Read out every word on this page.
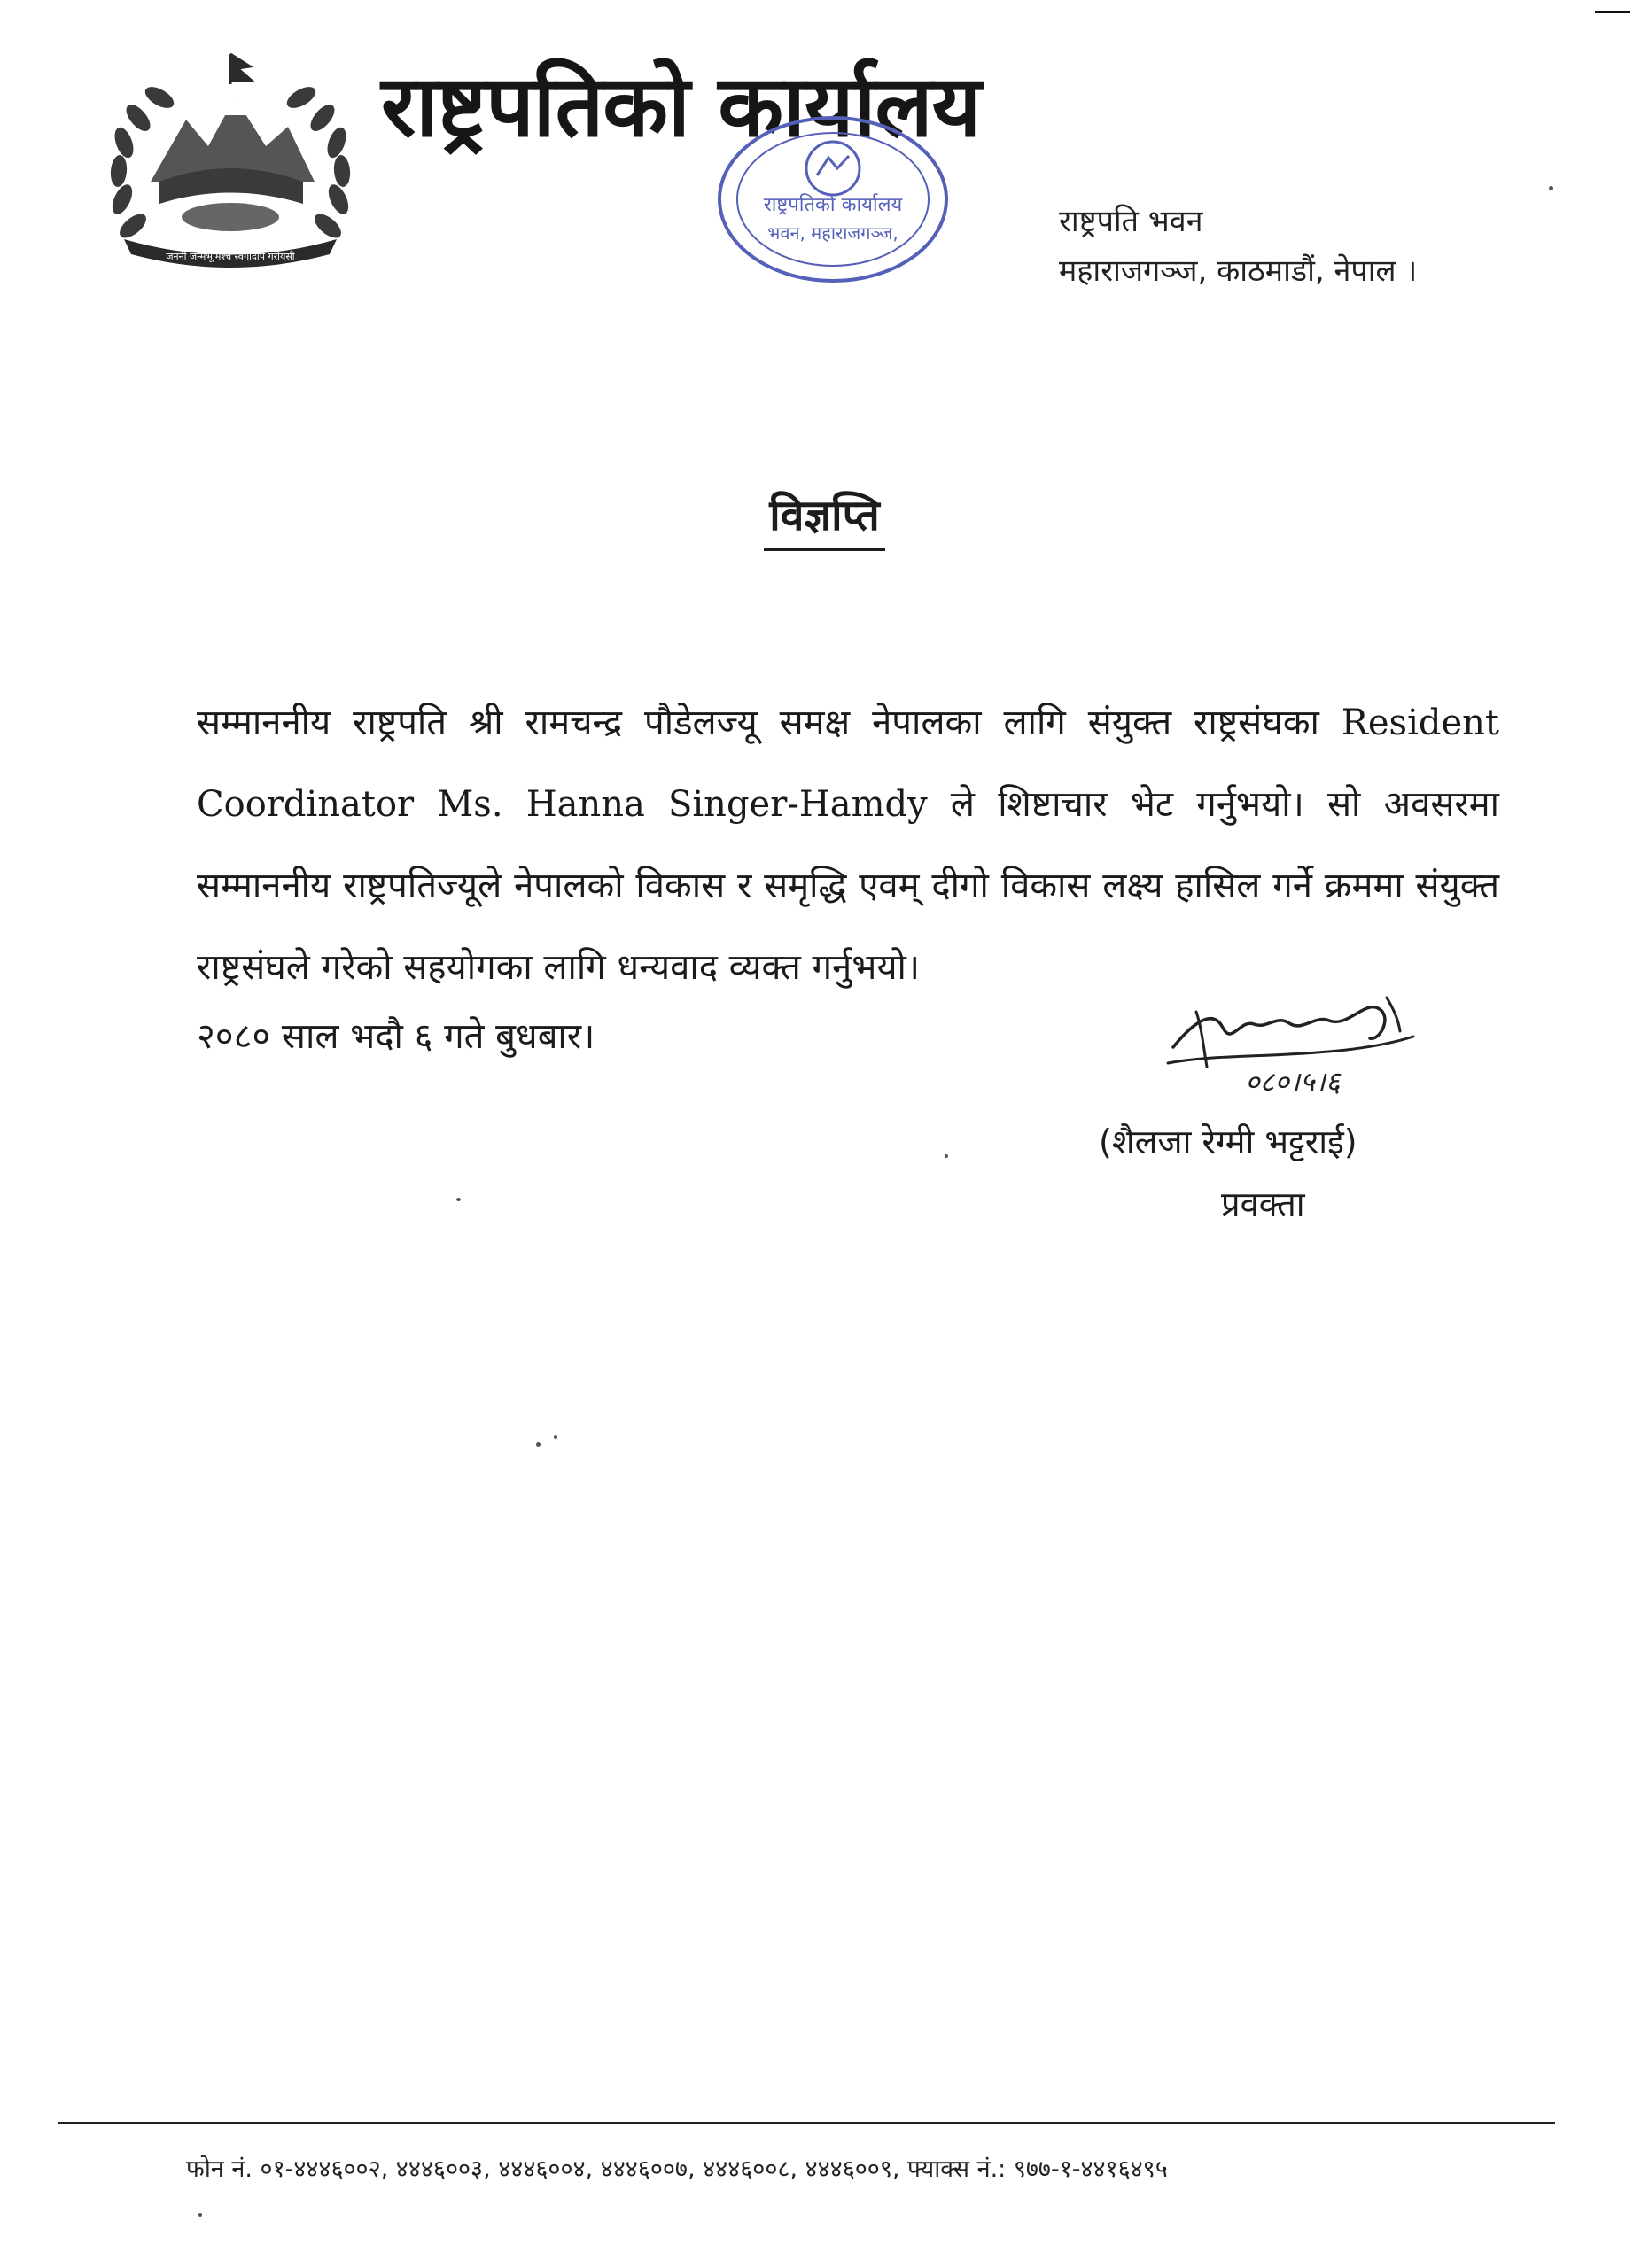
जननी जन्मभूमिश्च स्वर्गादपि गरीयसी
राष्ट्रपतिको कार्यालय
राष्ट्रपतिको कार्यालय
भवन, महाराजगञ्ज,	राष्ट्रपति भवन
महाराजगञ्ज, काठमाडौं, नेपाल ।
विज्ञप्ति

सम्माननीय राष्ट्रपति श्री रामचन्द्र पौडेलज्यू समक्ष नेपालका लागि संयुक्त राष्ट्रसंघका Resident Coordinator Ms. Hanna Singer-Hamdy ले शिष्टाचार भेट गर्नुभयो। सो अवसरमा सम्माननीय राष्ट्रपतिज्यूले नेपालको विकास र समृद्धि एवम् दीगो विकास लक्ष्य हासिल गर्ने क्रममा संयुक्त राष्ट्रसंघले गरेको सहयोगका लागि धन्यवाद व्यक्त गर्नुभयो।

२०८० साल भदौ ६ गते बुधबार।

०८०।५।६

(शैलजा रेग्मी भट्टराई)

प्रवक्ता

फोन नं. ०१-४४४६००२, ४४४६००३, ४४४६००४, ४४४६००७, ४४४६००८, ४४४६००९, फ्याक्स नं.: ९७७-१-४४१६४९५
